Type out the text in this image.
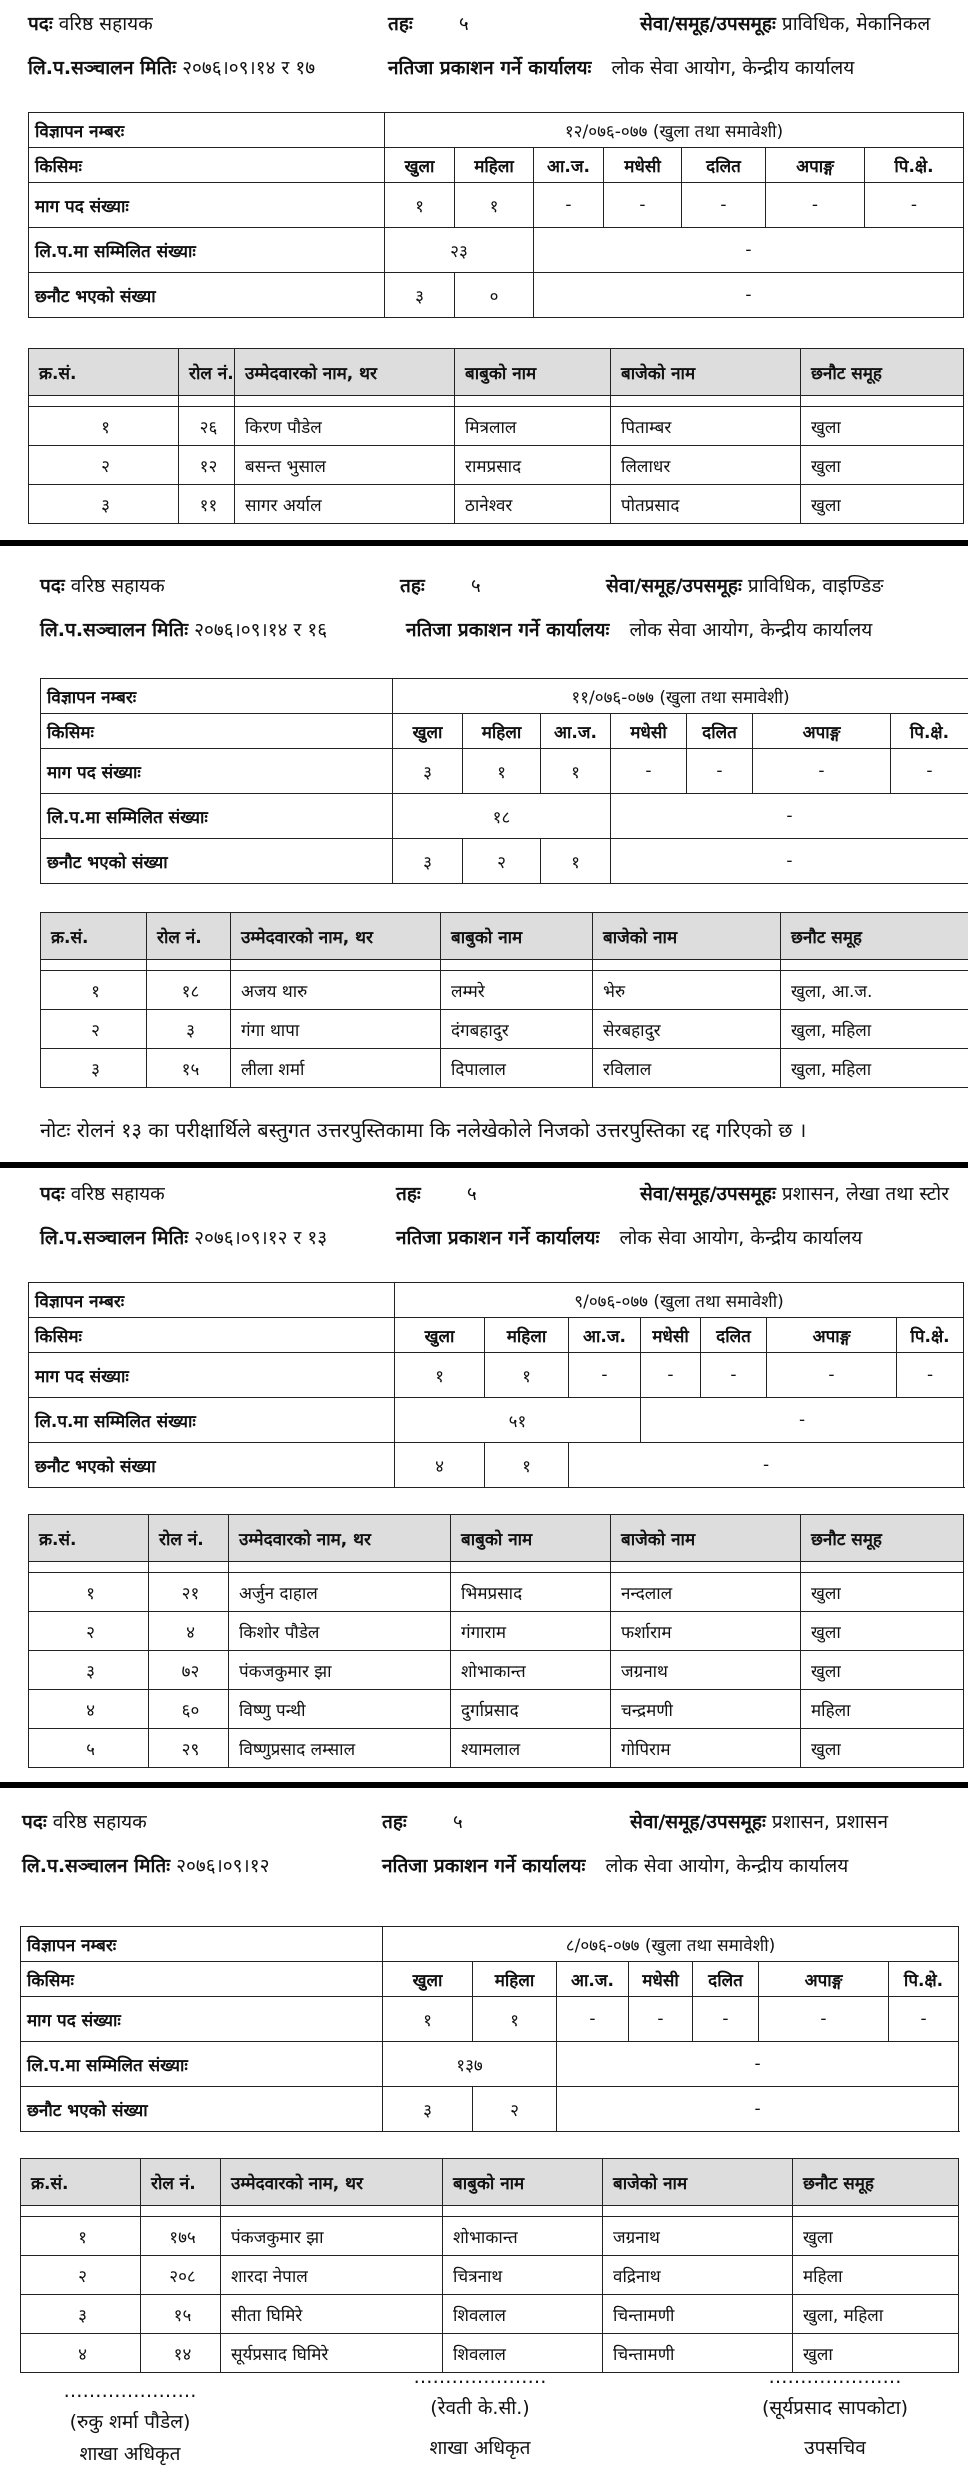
पदः वरिष्ठ सहायक	तहः ५	सेवा/समूह/उपसमूहः प्राविधिक, मेकानिकल
लि.प.सञ्चालन मितिः २०७६।०९।१४ र १७	नतिजा प्रकाशन गर्ने कार्यालयः लोक सेवा आयोग, केन्द्रीय कार्यालय
विज्ञापन नम्बरः	१२/०७६-०७७ (खुला तथा समावेशी)						
किसिमः	खुला	महिला	आ.ज.	मधेसी	दलित	अपाङ्ग	पि.क्षे.
माग पद संख्याः	१	१	-	-	-	-	-
लि.प.मा सम्मिलित संख्याः	२३		-				
छनौट भएको संख्या	३	०	-				
क्र.सं.	रोल नं.	उम्मेदवारको नाम, थर	बाबुको नाम	बाजेको नाम	छनौट समूह

१	२६	किरण पौडेल	मित्रलाल	पिताम्बर	खुला
२	१२	बसन्त भुसाल	रामप्रसाद	लिलाधर	खुला
३	११	सागर अर्याल	ठानेश्वर	पोतप्रसाद	खुला
पदः वरिष्ठ सहायक	तहः ५	सेवा/समूह/उपसमूहः प्राविधिक, वाइण्डिङ
लि.प.सञ्चालन मितिः २०७६।०९।१४ र १६	नतिजा प्रकाशन गर्ने कार्यालयः लोक सेवा आयोग, केन्द्रीय कार्यालय
विज्ञापन नम्बरः	११/०७६-०७७ (खुला तथा समावेशी)						
किसिमः	खुला	महिला	आ.ज.	मधेसी	दलित	अपाङ्ग	पि.क्षे.
माग पद संख्याः	३	१	१	-	-	-	-
लि.प.मा सम्मिलित संख्याः	१८			-			
छनौट भएको संख्या	३	२	१	-			
क्र.सं.	रोल नं.	उम्मेदवारको नाम, थर	बाबुको नाम	बाजेको नाम	छनौट समूह

१	१८	अजय थारु	लम्मरे	भेरु	खुला, आ.ज.
२	३	गंगा थापा	दंगबहादुर	सेरबहादुर	खुला, महिला
३	१५	लीला शर्मा	दिपालाल	रविलाल	खुला, महिला
नोटः रोलनं १३ का परीक्षार्थिले बस्तुगत उत्तरपुस्तिकामा कि नलेखेकोले निजको उत्तरपुस्तिका रद्द गरिएको छ ।
पदः वरिष्ठ सहायक	तहः ५	सेवा/समूह/उपसमूहः प्रशासन, लेखा तथा स्टोर
लि.प.सञ्चालन मितिः २०७६।०९।१२ र १३	नतिजा प्रकाशन गर्ने कार्यालयः लोक सेवा आयोग, केन्द्रीय कार्यालय
विज्ञापन नम्बरः	९/०७६-०७७ (खुला तथा समावेशी)						
किसिमः	खुला	महिला	आ.ज.	मधेसी	दलित	अपाङ्ग	पि.क्षे.
माग पद संख्याः	१	१	-	-	-	-	-
लि.प.मा सम्मिलित संख्याः	५१			-			
छनौट भएको संख्या	४	१	-				
क्र.सं.	रोल नं.	उम्मेदवारको नाम, थर	बाबुको नाम	बाजेको नाम	छनौट समूह

१	२१	अर्जुन दाहाल	भिमप्रसाद	नन्दलाल	खुला
२	४	किशोर पौडेल	गंगाराम	फर्शाराम	खुला
३	७२	पंकजकुमार झा	शोभाकान्त	जग्रनाथ	खुला
४	६०	विष्णु पन्थी	दुर्गाप्रसाद	चन्द्रमणी	महिला
५	२९	विष्णुप्रसाद लम्साल	श्यामलाल	गोपिराम	खुला
पदः वरिष्ठ सहायक	तहः ५	सेवा/समूह/उपसमूहः प्रशासन, प्रशासन
लि.प.सञ्चालन मितिः २०७६।०९।१२	नतिजा प्रकाशन गर्ने कार्यालयः लोक सेवा आयोग, केन्द्रीय कार्यालय
विज्ञापन नम्बरः	८/०७६-०७७ (खुला तथा समावेशी)						
किसिमः	खुला	महिला	आ.ज.	मधेसी	दलित	अपाङ्ग	पि.क्षे.
माग पद संख्याः	१	१	-	-	-	-	-
लि.प.मा सम्मिलित संख्याः	१३७		-				
छनौट भएको संख्या	३	२	-				
क्र.सं.	रोल नं.	उम्मेदवारको नाम, थर	बाबुको नाम	बाजेको नाम	छनौट समूह

१	१७५	पंकजकुमार झा	शोभाकान्त	जग्रनाथ	खुला
२	२०८	शारदा नेपाल	चित्रनाथ	वद्रिनाथ	महिला
३	१५	सीता घिमिरे	शिवलाल	चिन्तामणी	खुला, महिला
४	१४	सूर्यप्रसाद घिमिरे	शिवलाल	चिन्तामणी	खुला
…………………
(रुकु शर्मा पौडेल)
शाखा अधिकृत
…………………
(रेवती के.सी.)
शाखा अधिकृत
…………………
(सूर्यप्रसाद सापकोटा)
उपसचिव
